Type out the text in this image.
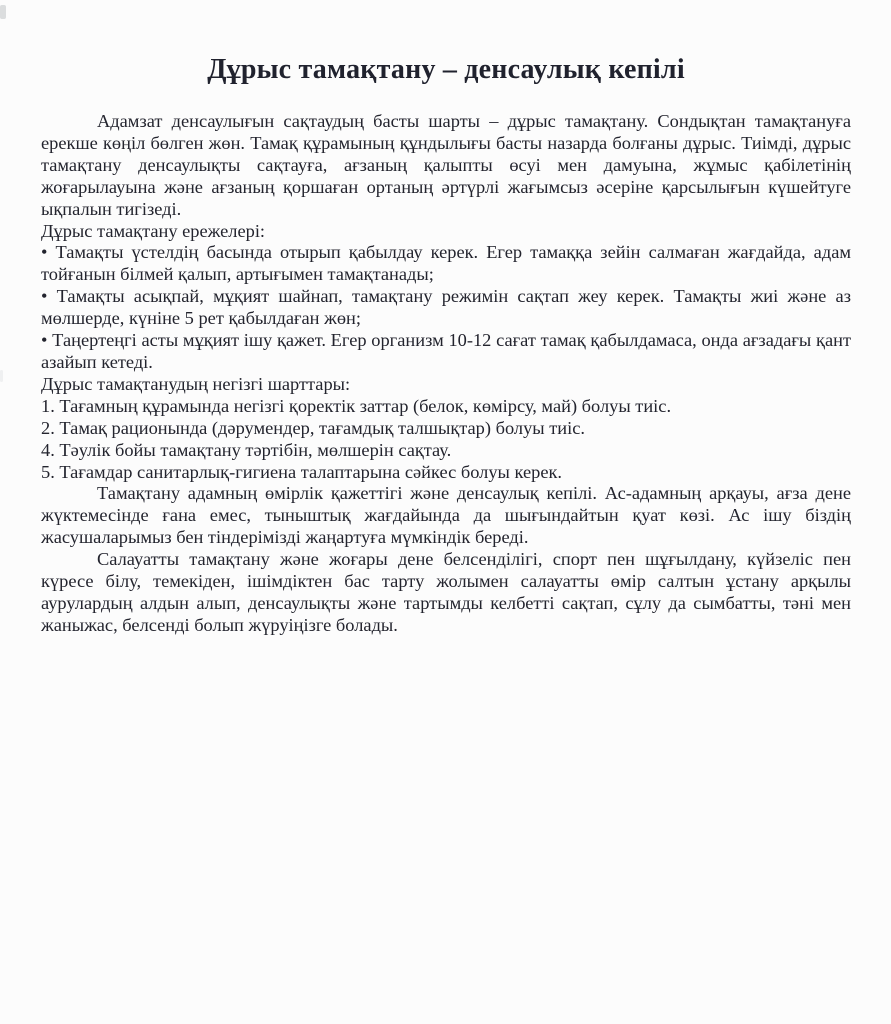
Дұрыс тамақтану – денсаулық кепілі

Адамзат денсаулығын сақтаудың басты шарты – дұрыс тамақтану. Сондықтан тамақтануға ерекше көңіл бөлген жөн. Тамақ құрамының құндылығы басты назарда болғаны дұрыс. Тиімді, дұрыс тамақтану денсаулықты сақтауға, ағзаның қалыпты өсуі мен дамуына, жұмыс қабілетінің жоғарылауына және ағзаның қоршаған ортаның әртүрлі жағымсыз әсеріне қарсылығын күшейтуге ықпалын тигізеді.

Дұрыс тамақтану ережелері:

• Тамақты үстелдің басында отырып қабылдау керек. Егер тамаққа зейін салмаған жағдайда, адам тойғанын білмей қалып, артығымен тамақтанады;

• Тамақты асықпай, мұқият шайнап, тамақтану режимін сақтап жеу керек. Тамақты жиі және аз мөлшерде, күніне 5 рет қабылдаған жөн;

• Таңертеңгі асты мұқият ішу қажет. Егер организм 10-12 сағат тамақ қабылдамаса, онда ағзадағы қант азайып кетеді.

Дұрыс тамақтанудың негізгі шарттары:

1. Тағамның құрамында негізгі қоректік заттар (белок, көмірсу, май) болуы тиіс.

2. Тамақ рационында (дәрумендер, тағамдық талшықтар) болуы тиіс.

4. Тәулік бойы тамақтану тәртібін, мөлшерін сақтау.

5. Тағамдар санитарлық-гигиена талаптарына сәйкес болуы керек.

Тамақтану адамның өмірлік қажеттігі және денсаулық кепілі. Ас-адамның арқауы, ағза дене жүктемесінде ғана емес, тыныштық жағдайында да шығындайтын қуат көзі. Ас ішу біздің жасушаларымыз бен тіндерімізді жаңартуға мүмкіндік береді.

Салауатты тамақтану және жоғары дене белсенділігі, спорт пен шұғылдану, күйзеліс пен күресе білу, темекіден, ішімдіктен бас тарту жолымен салауатты өмір салтын ұстану арқылы аурулардың алдын алып, денсаулықты және тартымды келбетті сақтап, сұлу да сымбатты, тәні мен жаныжас, белсенді болып жүруіңізге болады.
